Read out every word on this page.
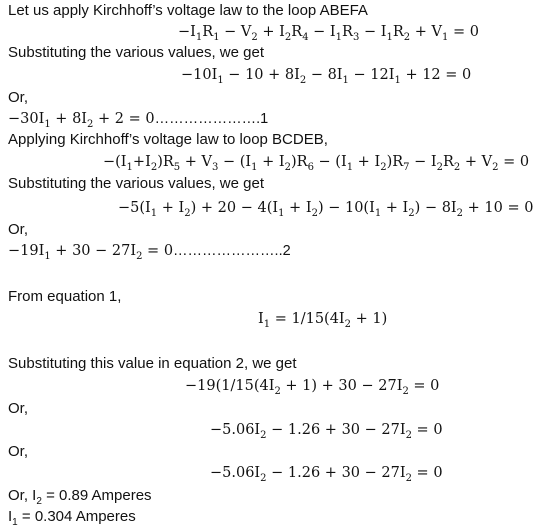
Let us apply Kirchhoff’s voltage law to the loop ABEFA
$-I_1R_1 - V_2 + I_2R_4 - I_1R_3 - I_1R_2 + V_1 = 0$
Substituting the various values, we get
$-10I_1 - 10 + 8I_2 - 8I_1 - 12I_1 + 12 = 0$
Or,
$-30I_1 + 8I_2 + 2$ = 0………………….1
Applying Kirchhoff’s voltage law to loop BCDEB,
$-(I_1+I_2)R_5 + V_3 - (I_1 + I_2)R_6 - (I_1 + I_2)R_7 - I_2R_2 + V_2 = 0$
Substituting the various values, we get
$-5(I_1 + I_2) + 20 - 4(I_1 + I_2) - 10(I_1 + I_2) - 8I_2 + 10 = 0$
Or,
$-19I_1 + 30 - 27I_2$ = 0…………………..2
From equation 1,
$I_1 = 1/15(4I_2 + 1)$
Substituting this value in equation 2, we get
$-19(1/15(4I_2 + 1) + 30 - 27I_2 = 0$
Or,
$-5.06I_2 - 1.26 + 30 - 27I_2 = 0$
Or,
$-5.06I_2 - 1.26 + 30 - 27I_2 = 0$
Or, $I_2 = 0.89$ Amperes
$I_1 = 0.304$ Amperes
